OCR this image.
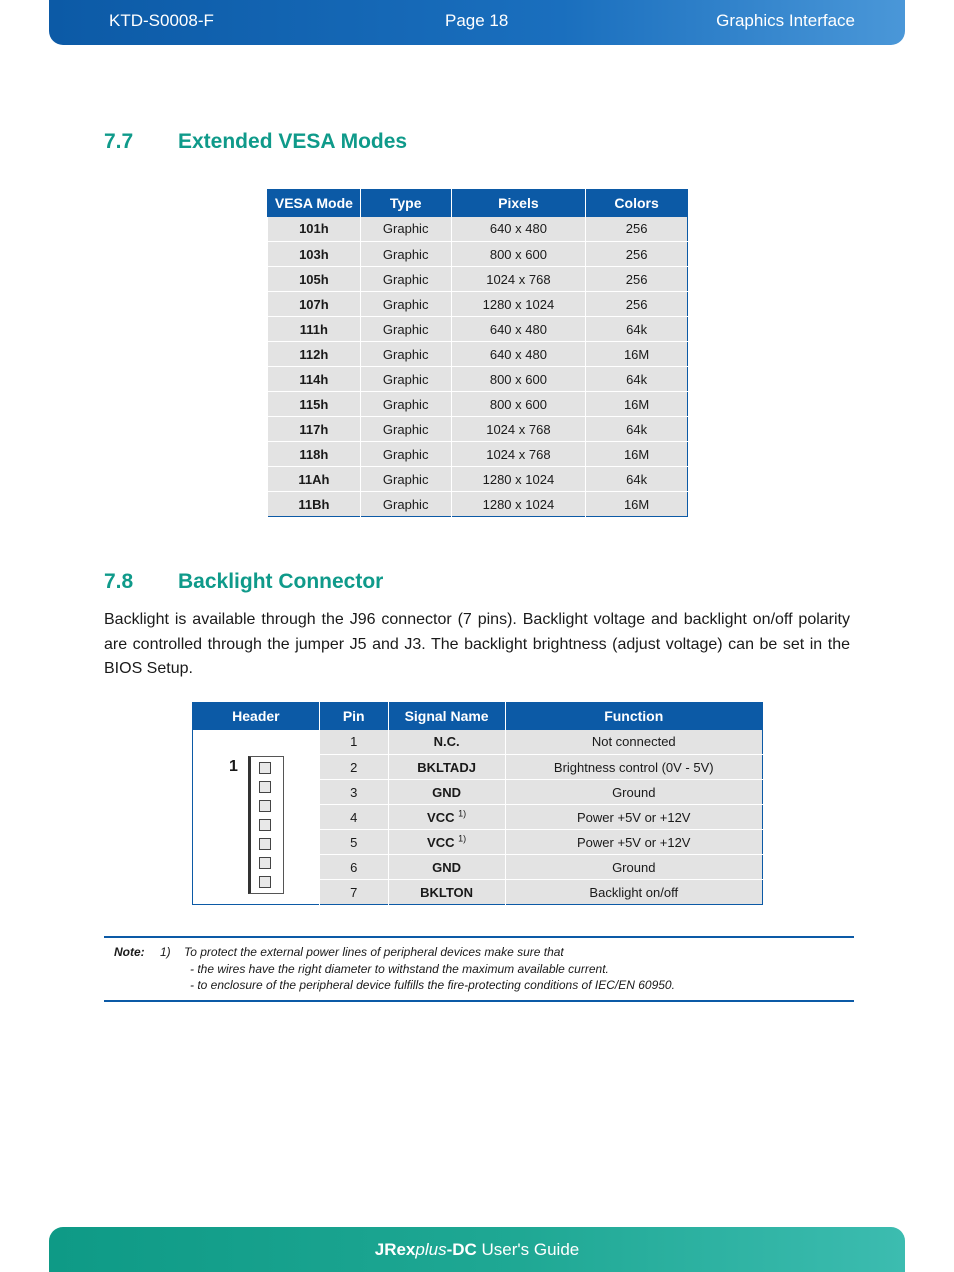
KTD-S0008-F	Page 18	Graphics Interface
7.7 Extended VESA Modes
VESA Mode	Type	Pixels	Colors
101h	Graphic	640 x 480	256
103h	Graphic	800 x 600	256
105h	Graphic	1024 x 768	256
107h	Graphic	1280 x 1024	256
111h	Graphic	640 x 480	64k
112h	Graphic	640 x 480	16M
114h	Graphic	800 x 600	64k
115h	Graphic	800 x 600	16M
117h	Graphic	1024 x 768	64k
118h	Graphic	1024 x 768	16M
11Ah	Graphic	1280 x 1024	64k
11Bh	Graphic	1280 x 1024	16M
7.8 Backlight Connector

Backlight is available through the J96 connector (7 pins). Backlight voltage and backlight on/off polarity are controlled through the jumper J5 and J3. The backlight brightness (adjust voltage) can be set in the BIOS Setup.

Header	Pin	Signal Name	Function

1	1	N.C.	Not connected
	2	BKLTADJ	Brightness control (0V - 5V)
	3	GND	Ground
	4	VCC $^{1)}$	Power +5V or +12V
	5	VCC $^{1)}$	Power +5V or +12V
	6	GND	Ground
	7	BKLTON	Backlight on/off
Note: 1) To protect the external power lines of peripheral devices make sure that
- the wires have the right diameter to withstand the maximum available current.
- to enclosure of the peripheral device fulfills the fire-protecting conditions of IEC/EN 60950.
JRexplus-DC User's Guide
